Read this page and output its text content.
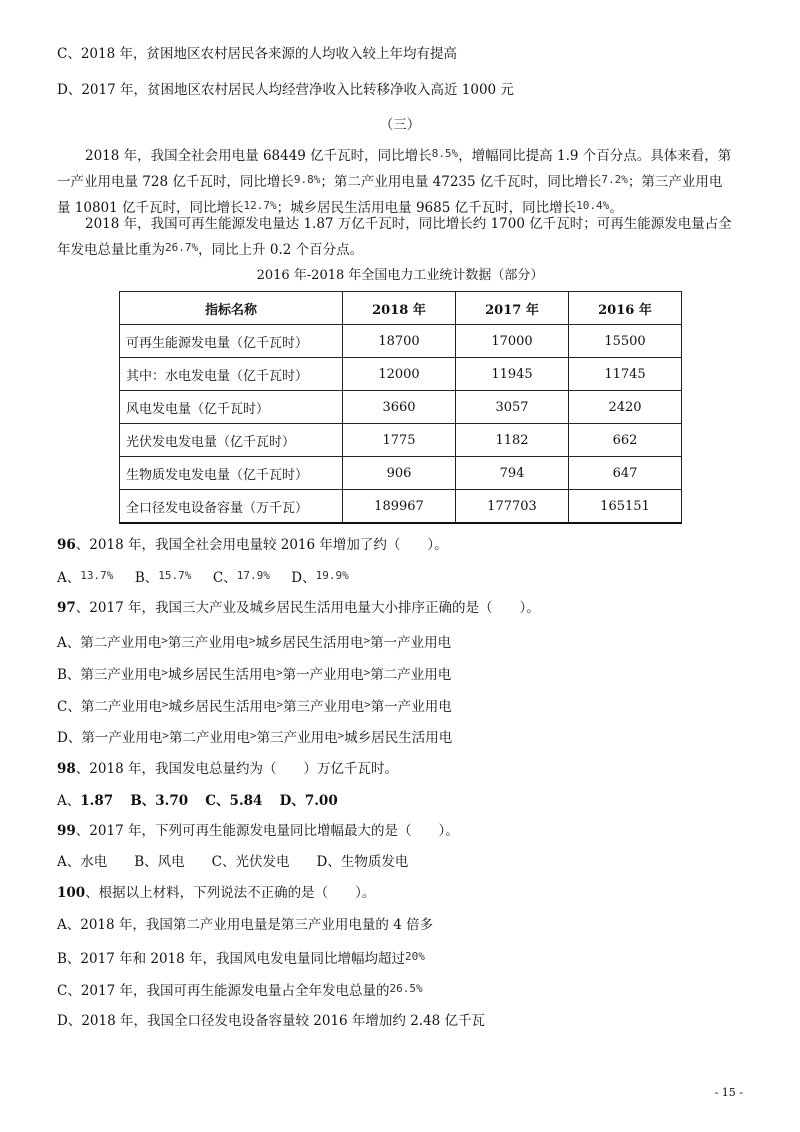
C、2018 年，贫困地区农村居民各来源的人均收入较上年均有提高
D、2017 年，贫困地区农村居民人均经营净收入比转移净收入高近 1000 元
（三）
2018 年，我国全社会用电量 68449 亿千瓦时，同比增长$^{8.5\%}$，增幅同比提高 1.9 个百分点。具体来看，第
一产业用电量 728 亿千瓦时，同比增长$^{9.8\%}$；第二产业用电量 47235 亿千瓦时，同比增长$^{7.2\%}$；第三产业用电
量 10801 亿千瓦时，同比增长$^{12.7\%}$；城乡居民生活用电量 9685 亿千瓦时，同比增长$^{10.4\%}$。
2018 年，我国可再生能源发电量达 1.87 万亿千瓦时，同比增长约 1700 亿千瓦时；可再生能源发电量占全
年发电总量比重为$^{26.7\%}$，同比上升 0.2 个百分点。
2016 年-2018 年全国电力工业统计数据（部分）
指标名称	2018 年	2017 年	2016 年
可再生能源发电量（亿千瓦时）	18700	17000	15500
其中：水电发电量（亿千瓦时）	12000	11945	11745
风电发电量（亿千瓦时）	3660	3057	2420
光伏发电发电量（亿千瓦时）	1775	1182	662
生物质发电发电量（亿千瓦时）	906	794	647
全口径发电设备容量（万千瓦）	189967	177703	165151
96、2018 年，我国全社会用电量较 2016 年增加了约（　　）。
A、$^{13.7\%}$ B、$^{15.7\%}$ C、$^{17.9\%}$ D、$^{19.9\%}$
97、2017 年，我国三大产业及城乡居民生活用电量大小排序正确的是（　　）。
A、第二产业用电>第三产业用电>城乡居民生活用电>第一产业用电
B、第三产业用电>城乡居民生活用电>第一产业用电>第二产业用电
C、第二产业用电>城乡居民生活用电>第三产业用电>第一产业用电
D、第一产业用电>第二产业用电>第三产业用电>城乡居民生活用电
98、2018 年，我国发电总量约为（　　）万亿千瓦时。
A、1.87 B、3.70 C、5.84 D、7.00
99、2017 年，下列可再生能源发电量同比增幅最大的是（　　）。
A、水电　　B、风电　　C、光伏发电　　D、生物质发电
100、根据以上材料，下列说法不正确的是（　　）。
A、2018 年，我国第二产业用电量是第三产业用电量的 4 倍多
B、2017 年和 2018 年，我国风电发电量同比增幅均超过$^{20\%}$
C、2017 年，我国可再生能源发电量占全年发电总量的$^{26.5\%}$
D、2018 年，我国全口径发电设备容量较 2016 年增加约 2.48 亿千瓦
- 15 -
